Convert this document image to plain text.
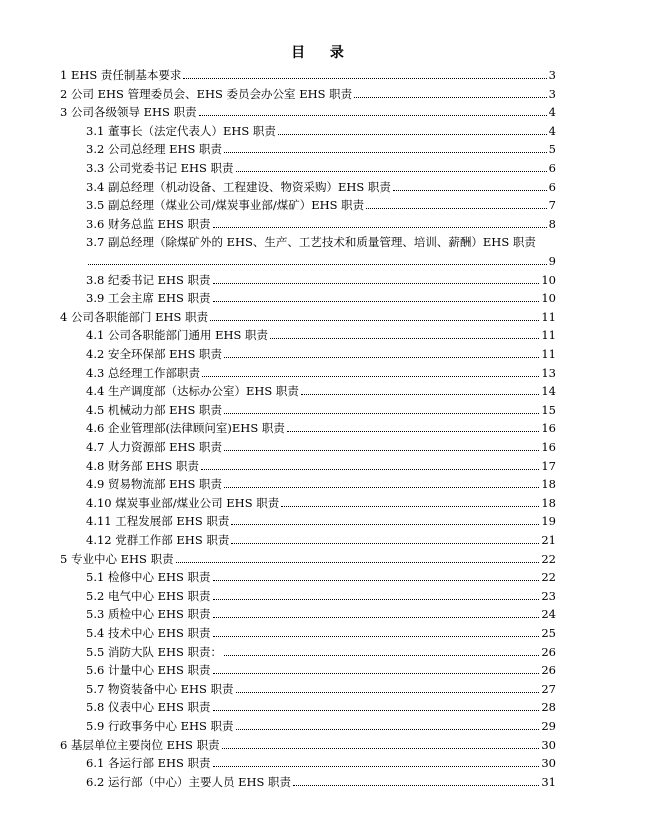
目 录
1 EHS 责任制基本要求	3
2 公司 EHS 管理委员会、EHS 委员会办公室 EHS 职责	3
3 公司各级领导 EHS 职责	4
3.1 董事长（法定代表人）EHS 职责	4
3.2 公司总经理 EHS 职责	5
3.3 公司党委书记 EHS 职责	6
3.4 副总经理（机动设备、工程建设、物资采购）EHS 职责	6
3.5 副总经理（煤业公司/煤炭事业部/煤矿）EHS 职责	7
3.6 财务总监 EHS 职责	8
3.7 副总经理（除煤矿外的 EHS、生产、工艺技术和质量管理、培训、薪酬）EHS 职责
9
3.8 纪委书记 EHS 职责	10
3.9 工会主席 EHS 职责	10
4 公司各职能部门 EHS 职责	11
4.1 公司各职能部门通用 EHS 职责	11
4.2 安全环保部 EHS 职责	11
4.3 总经理工作部职责	13
4.4 生产调度部（达标办公室）EHS 职责	14
4.5 机械动力部 EHS 职责	15
4.6 企业管理部(法律顾问室)EHS 职责	16
4.7 人力资源部 EHS 职责	16
4.8 财务部 EHS 职责	17
4.9 贸易物流部 EHS 职责	18
4.10 煤炭事业部/煤业公司 EHS 职责	18
4.11 工程发展部 EHS 职责	19
4.12 党群工作部 EHS 职责	21
5 专业中心 EHS 职责	22
5.1 检修中心 EHS 职责	22
5.2 电气中心 EHS 职责	23
5.3 质检中心 EHS 职责	24
5.4 技术中心 EHS 职责	25
5.5 消防大队 EHS 职责：	26
5.6 计量中心 EHS 职责	26
5.7 物资装备中心 EHS 职责	27
5.8 仪表中心 EHS 职责	28
5.9 行政事务中心 EHS 职责	29
6 基层单位主要岗位 EHS 职责	30
6.1 各运行部 EHS 职责	30
6.2 运行部（中心）主要人员 EHS 职责	31
